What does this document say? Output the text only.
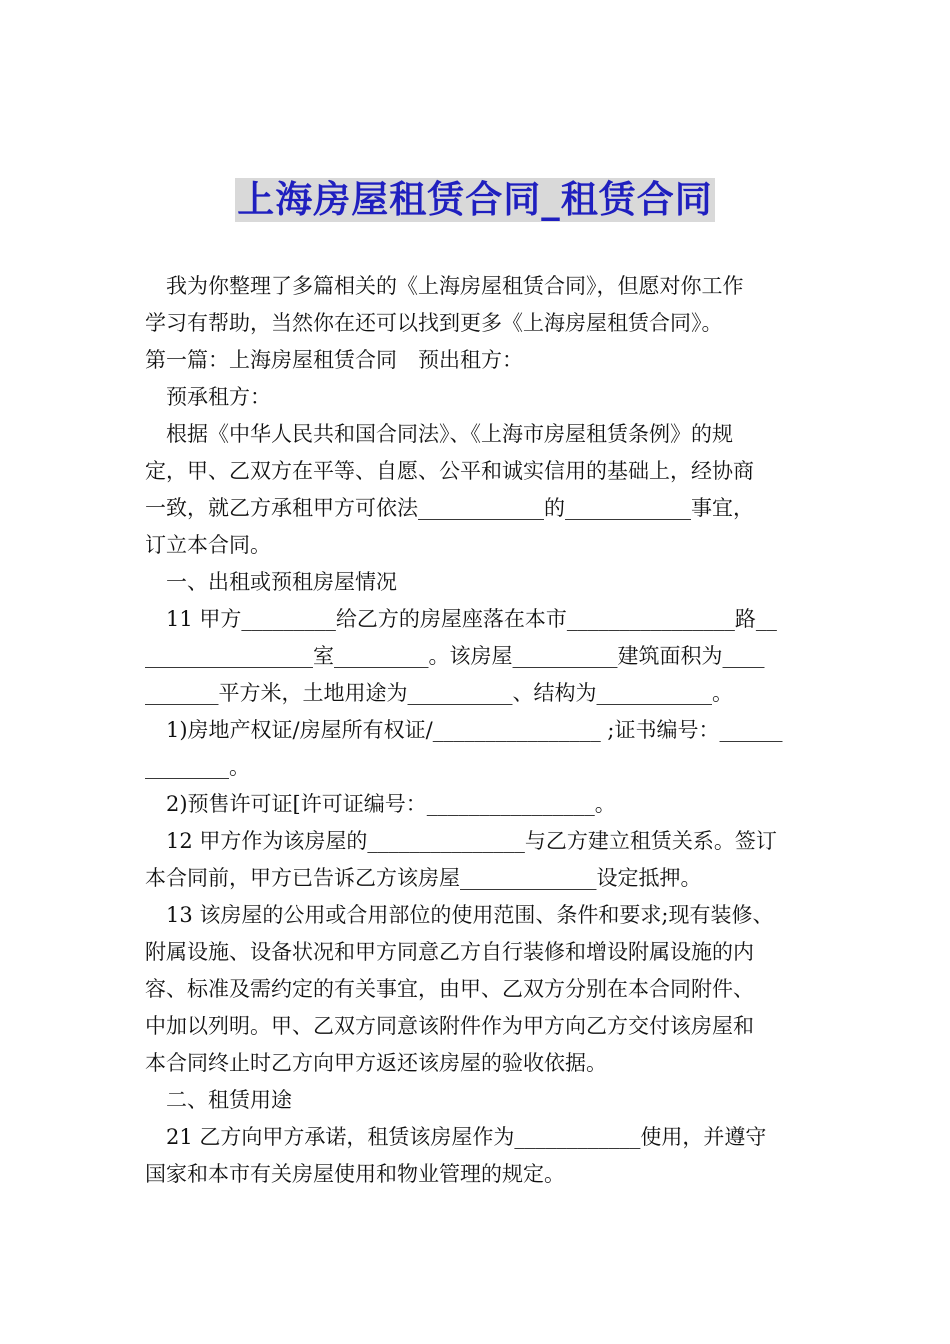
上海房屋租赁合同_租赁合同

我为你整理了多篇相关的《上海房屋租赁合同》，但愿对你工作

学习有帮助，当然你在还可以找到更多《上海房屋租赁合同》。

第一篇：上海房屋租赁合同　预出租方：

预承租方：

根据《中华人民共和国合同法》、《上海市房屋租赁条例》的规

定，甲、乙双方在平等、自愿、公平和诚实信用的基础上，经协商

一致，就乙方承租甲方可依法____________的____________事宜，

订立本合同。

一、出租或预租房屋情况

11 甲方_________给乙方的房屋座落在本市________________路__

________________室_________。该房屋__________建筑面积为____

_______平方米，土地用途为__________、结构为___________。

1)房地产权证/房屋所有权证/________________ ;证书编号：______

________。

2)预售许可证[许可证编号：________________。

12 甲方作为该房屋的_______________与乙方建立租赁关系。签订

本合同前，甲方已告诉乙方该房屋_____________设定抵押。

13 该房屋的公用或合用部位的使用范围、条件和要求;现有装修、

附属设施、设备状况和甲方同意乙方自行装修和增设附属设施的内

容、标准及需约定的有关事宜，由甲、乙双方分别在本合同附件、

中加以列明。甲、乙双方同意该附件作为甲方向乙方交付该房屋和

本合同终止时乙方向甲方返还该房屋的验收依据。

二、租赁用途

21 乙方向甲方承诺，租赁该房屋作为____________使用，并遵守

国家和本市有关房屋使用和物业管理的规定。
